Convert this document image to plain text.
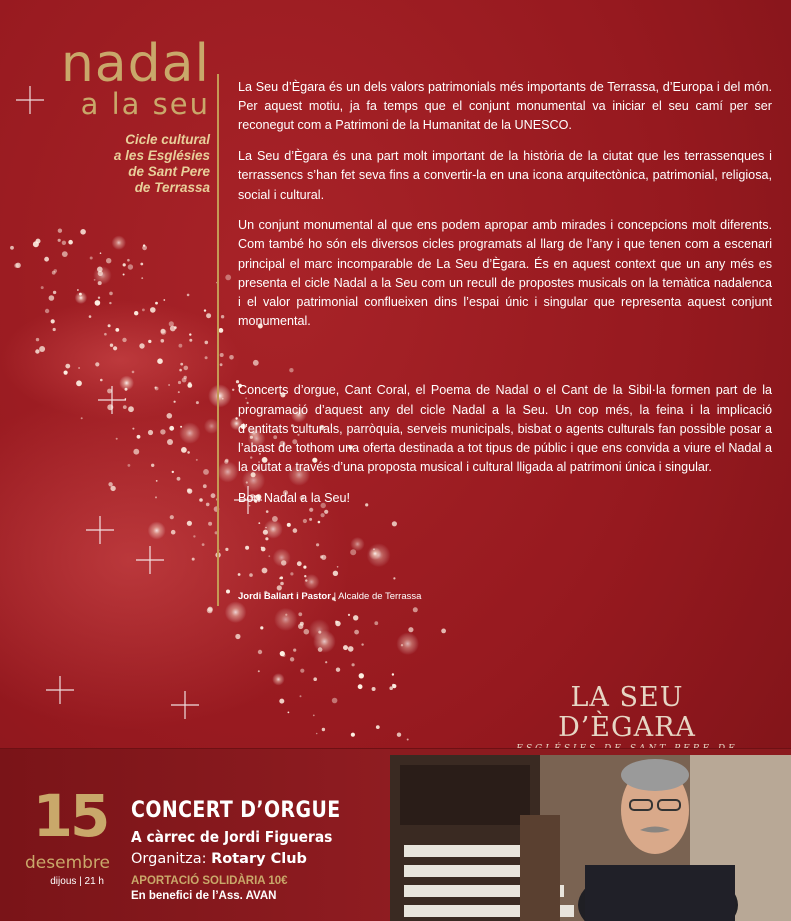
nadal
a la seu
Cicle cultural
a les Esglésies
de Sant Pere
de Terrassa

La Seu d’Ègara és un dels valors patrimonials més importants de Terrassa, d’Europa i del món. Per aquest motiu, ja fa temps que el conjunt monumental va iniciar el seu camí per ser reconegut com a Patrimoni de la Humanitat de la UNESCO.

La Seu d’Ègara és una part molt important de la història de la ciutat que les terrassenques i terrassencs s’han fet seva fins a convertir-la en una icona arquitectònica, patrimonial, religiosa, social i cultural.

Un conjunt monumental al que ens podem apropar amb mirades i concepcions molt diferents. Com també ho són els diversos cicles programats al llarg de l’any i que tenen com a escenari principal el marc incomparable de La Seu d’Ègara. És en aquest context que un any més es presenta el cicle Nadal a la Seu com un recull de propostes musicals on la temàtica nadalenca i el valor patrimonial conflueixen dins l’espai únic i singular que representa aquest conjunt monumental.

Concerts d’orgue, Cant Coral, el Poema de Nadal o el Cant de la Sibil·la formen part de la programació d’aquest any del cicle Nadal a la Seu. Un cop més, la feina i la implicació d’entitats culturals, parròquia, serveis municipals, bisbat o agents culturals fan possible posar a l’abast de tothom una oferta destinada a tot tipus de públic i que ens convida a viure el Nadal a la ciutat a través d’una proposta musical i cultural lligada al patrimoni única i singular.

Bon Nadal a la Seu!

Jordi Ballart i Pastor | Alcalde de Terrassa
LA SEU D’ÈGARA
15
desembre
dijous | 21 h
CONCERT D’ORGUE
A càrrec de Jordi Figueras
Organitza: Rotary Club
APORTACIÓ SOLIDÀRIA 10€
En benefici de l’Ass. AVAN
